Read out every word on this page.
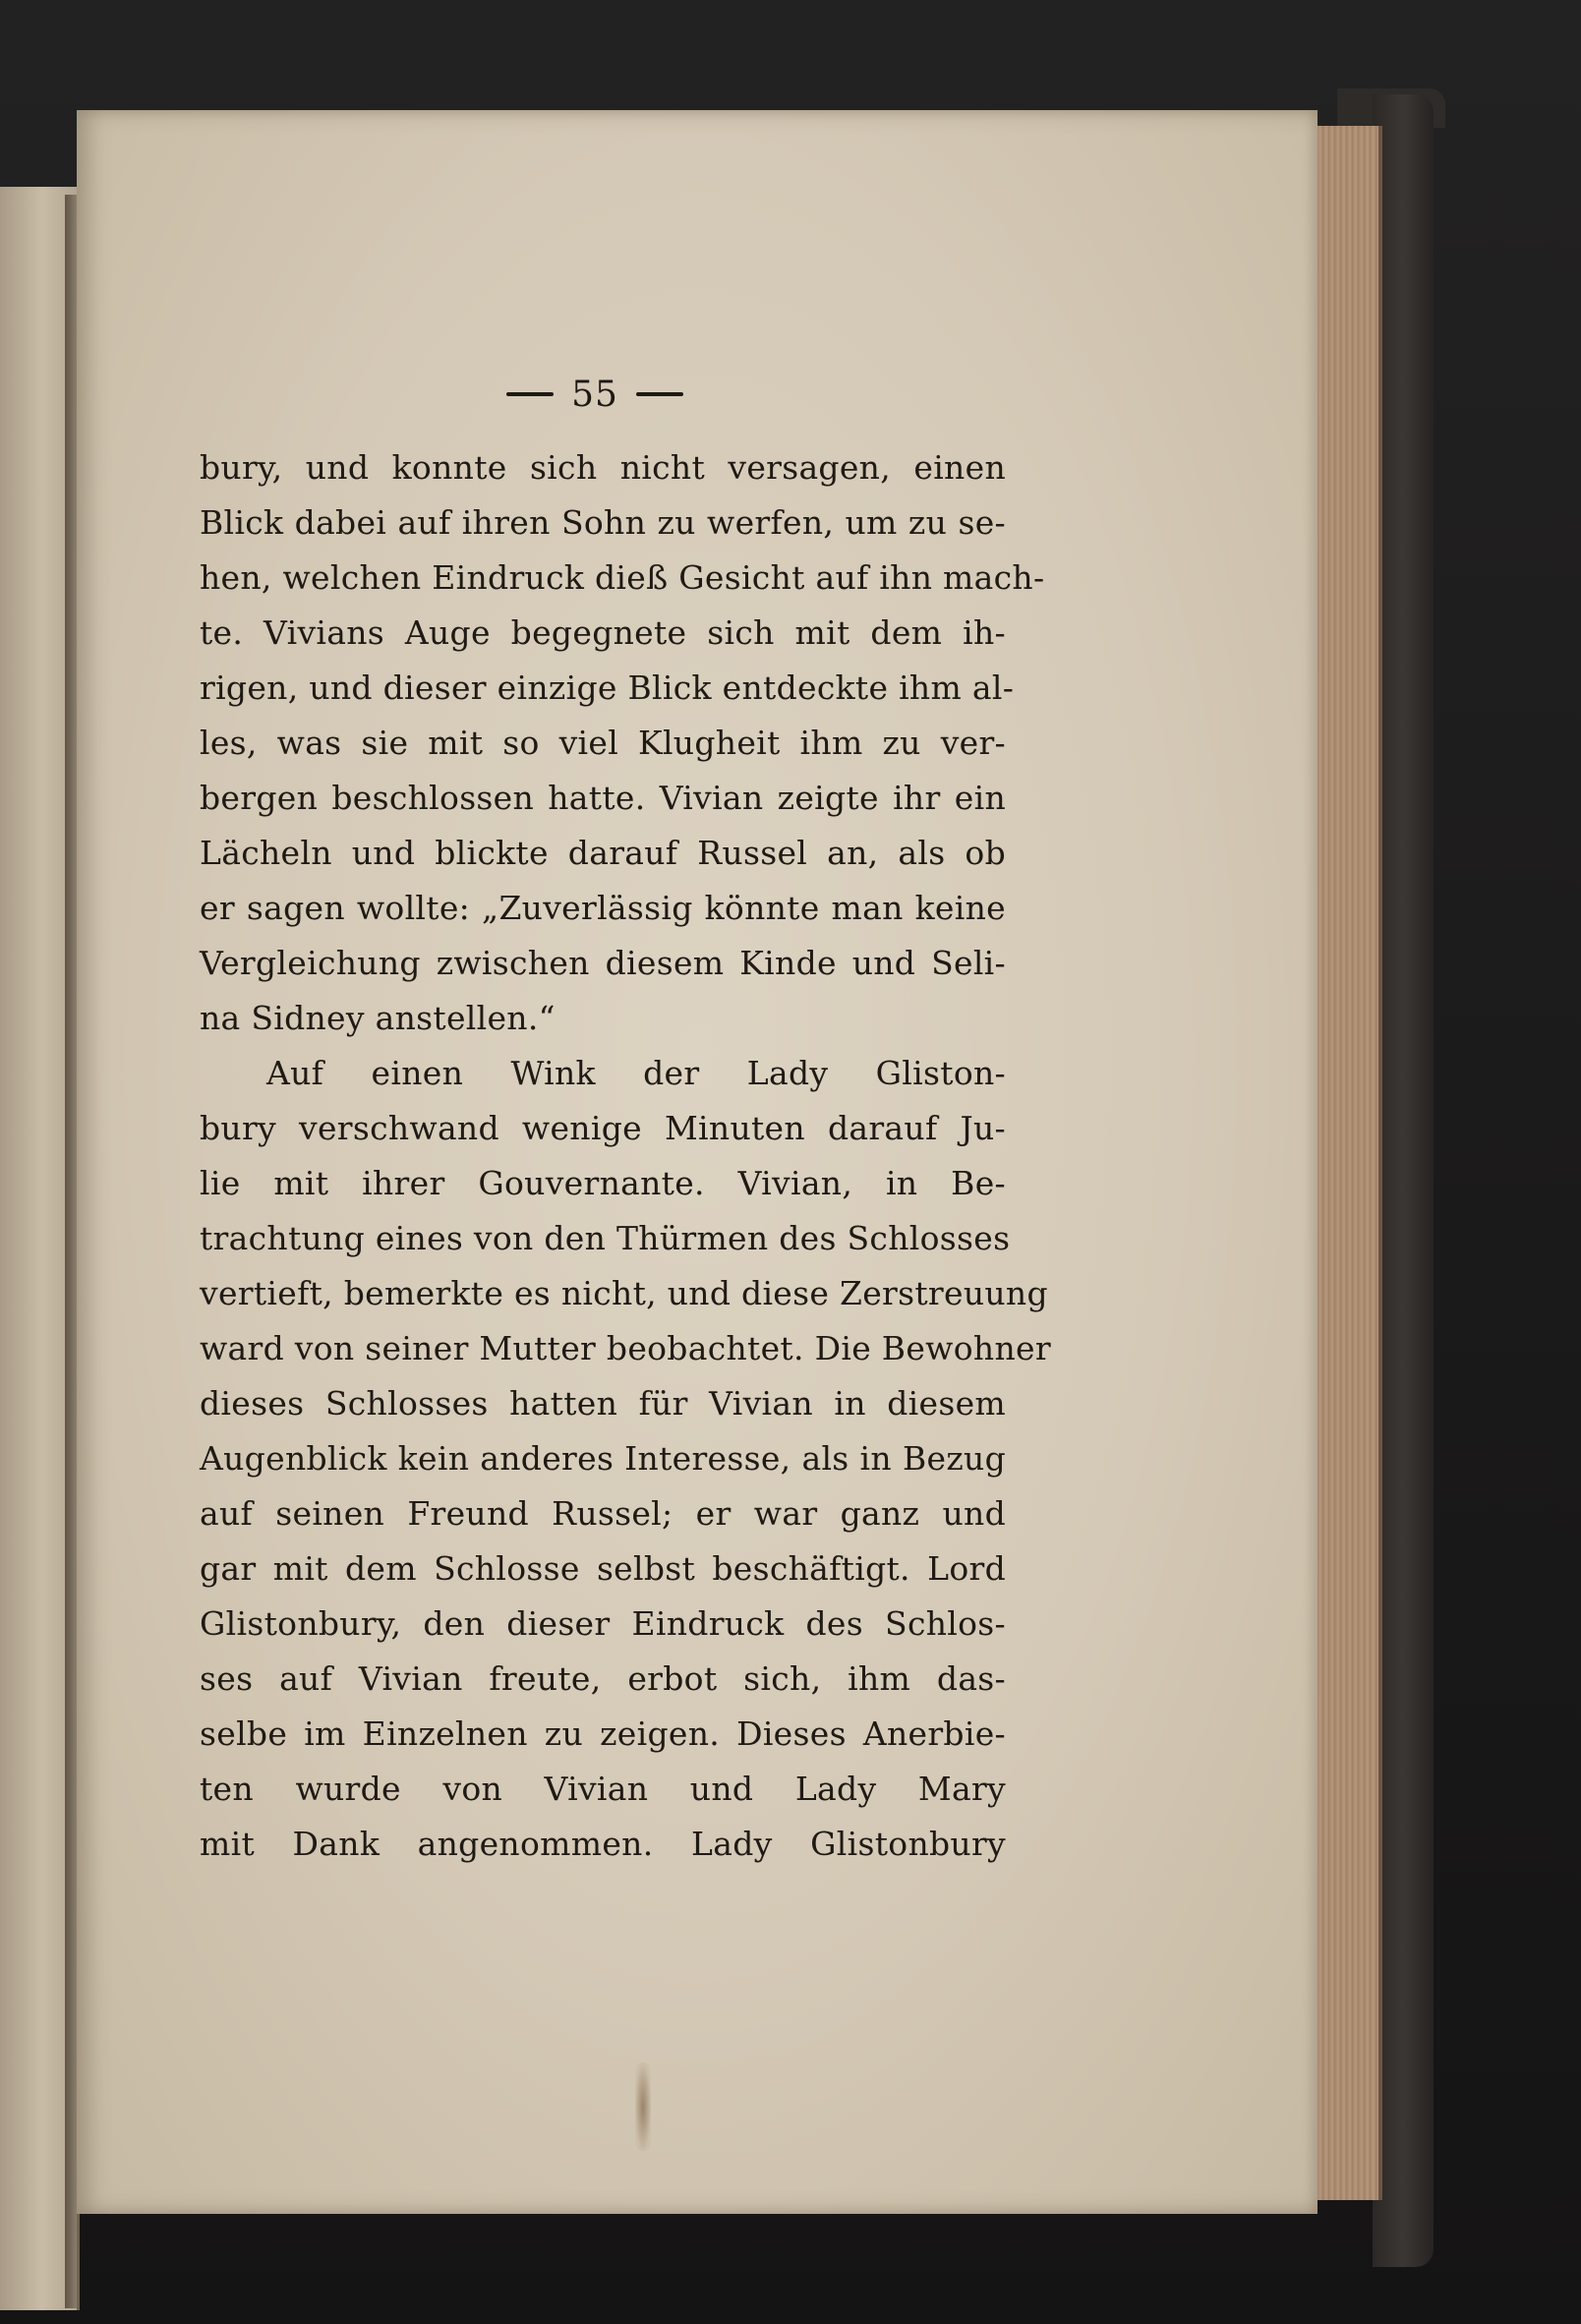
55
bury, und konnte sich nicht versagen, einen
Blick dabei auf ihren Sohn zu werfen, um zu se-
hen, welchen Eindruck dieß Gesicht auf ihn mach-
te. Vivians Auge begegnete sich mit dem ih-
rigen, und dieser einzige Blick entdeckte ihm al-
les, was sie mit so viel Klugheit ihm zu ver-
bergen beschlossen hatte. Vivian zeigte ihr ein
Lächeln und blickte darauf Russel an, als ob
er sagen wollte: „Zuverlässig könnte man keine
Vergleichung zwischen diesem Kinde und Seli-
na Sidney anstellen.“
Auf einen Wink der Lady Gliston-
bury verschwand wenige Minuten darauf Ju-
lie mit ihrer Gouvernante. Vivian, in Be-
trachtung eines von den Thürmen des Schlosses
vertieft, bemerkte es nicht, und diese Zerstreuung
ward von seiner Mutter beobachtet. Die Bewohner
dieses Schlosses hatten für Vivian in diesem
Augenblick kein anderes Interesse, als in Bezug
auf seinen Freund Russel; er war ganz und
gar mit dem Schlosse selbst beschäftigt. Lord
Glistonbury, den dieser Eindruck des Schlos-
ses auf Vivian freute, erbot sich, ihm das-
selbe im Einzelnen zu zeigen. Dieses Anerbie-
ten wurde von Vivian und Lady Mary
mit Dank angenommen. Lady Glistonbury
